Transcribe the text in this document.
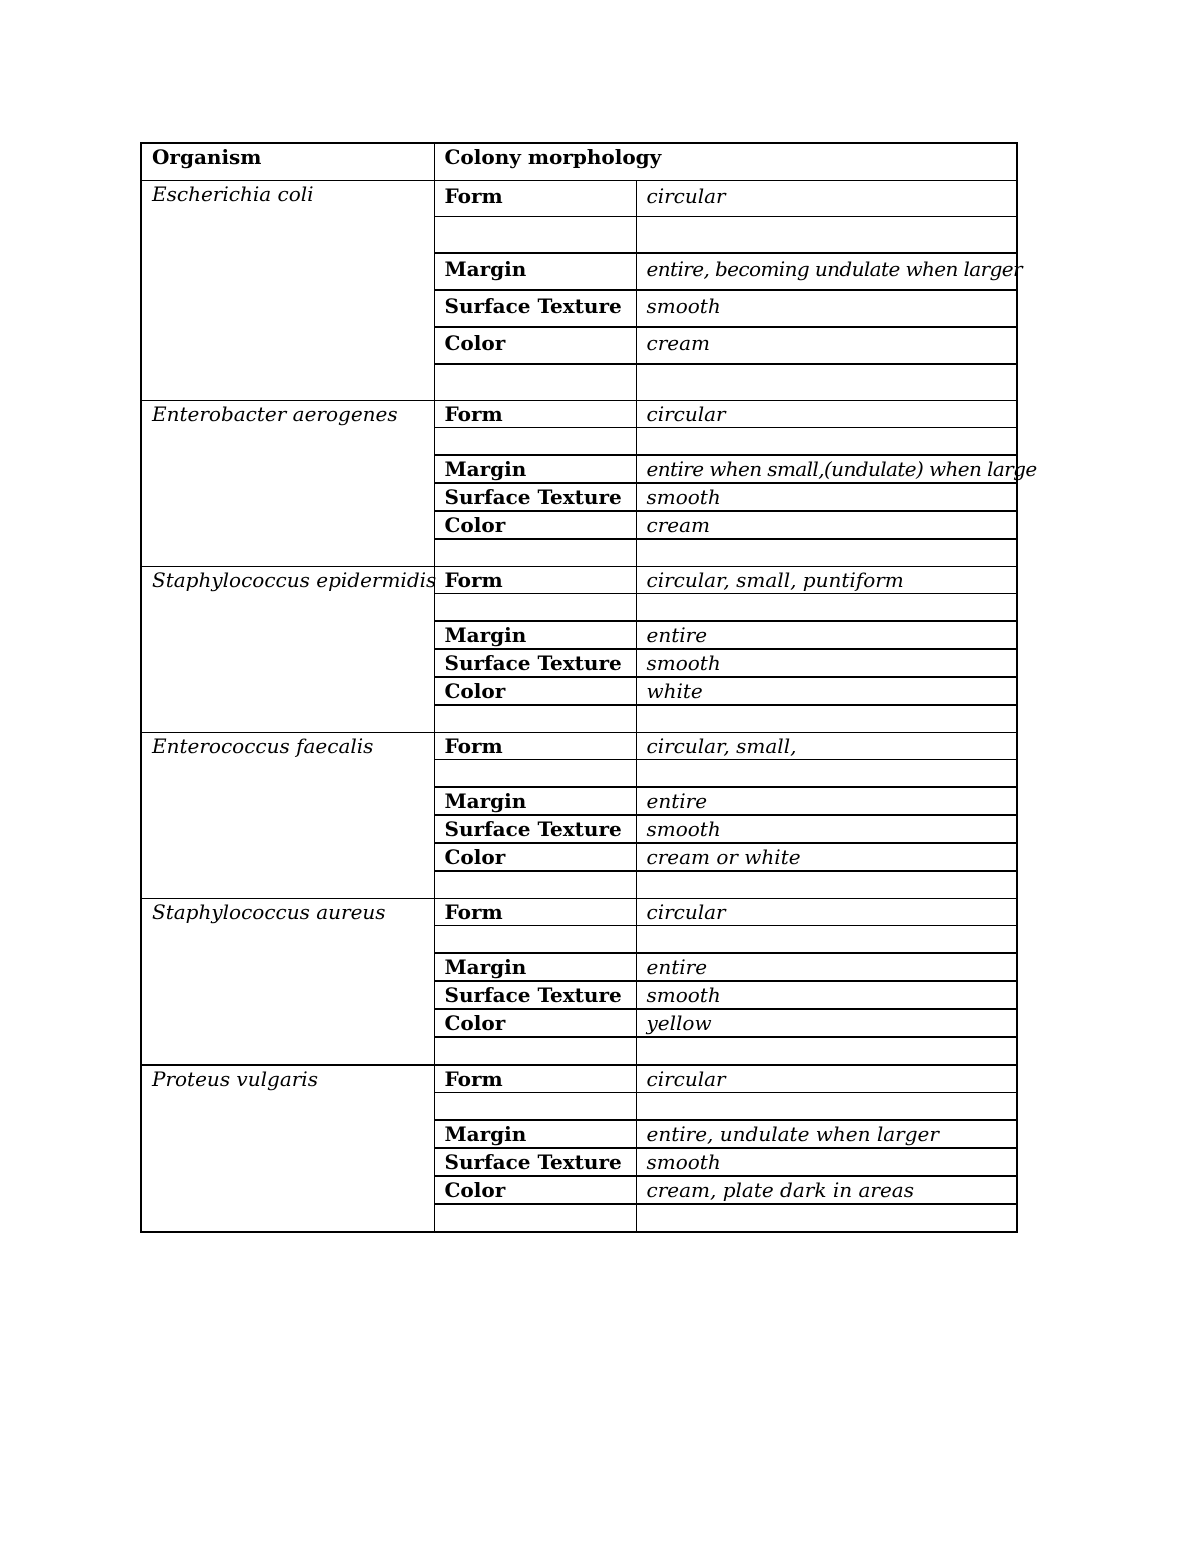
Organism	Colony morphology	
Escherichia coli	Form	circular

	Margin	entire, becoming undulate when larger
	Surface Texture	smooth
	Color	cream

Enterobacter aerogenes	Form	circular

	Margin	entire when small,(undulate) when large
	Surface Texture	smooth
	Color	cream

Staphylococcus epidermidis	Form	circular, small, puntiform

	Margin	entire
	Surface Texture	smooth
	Color	white

Enterococcus faecalis	Form	circular, small,

	Margin	entire
	Surface Texture	smooth
	Color	cream or white

Staphylococcus aureus	Form	circular

	Margin	entire
	Surface Texture	smooth
	Color	yellow

Proteus vulgaris	Form	circular

	Margin	entire, undulate when larger
	Surface Texture	smooth
	Color	cream, plate dark in areas
